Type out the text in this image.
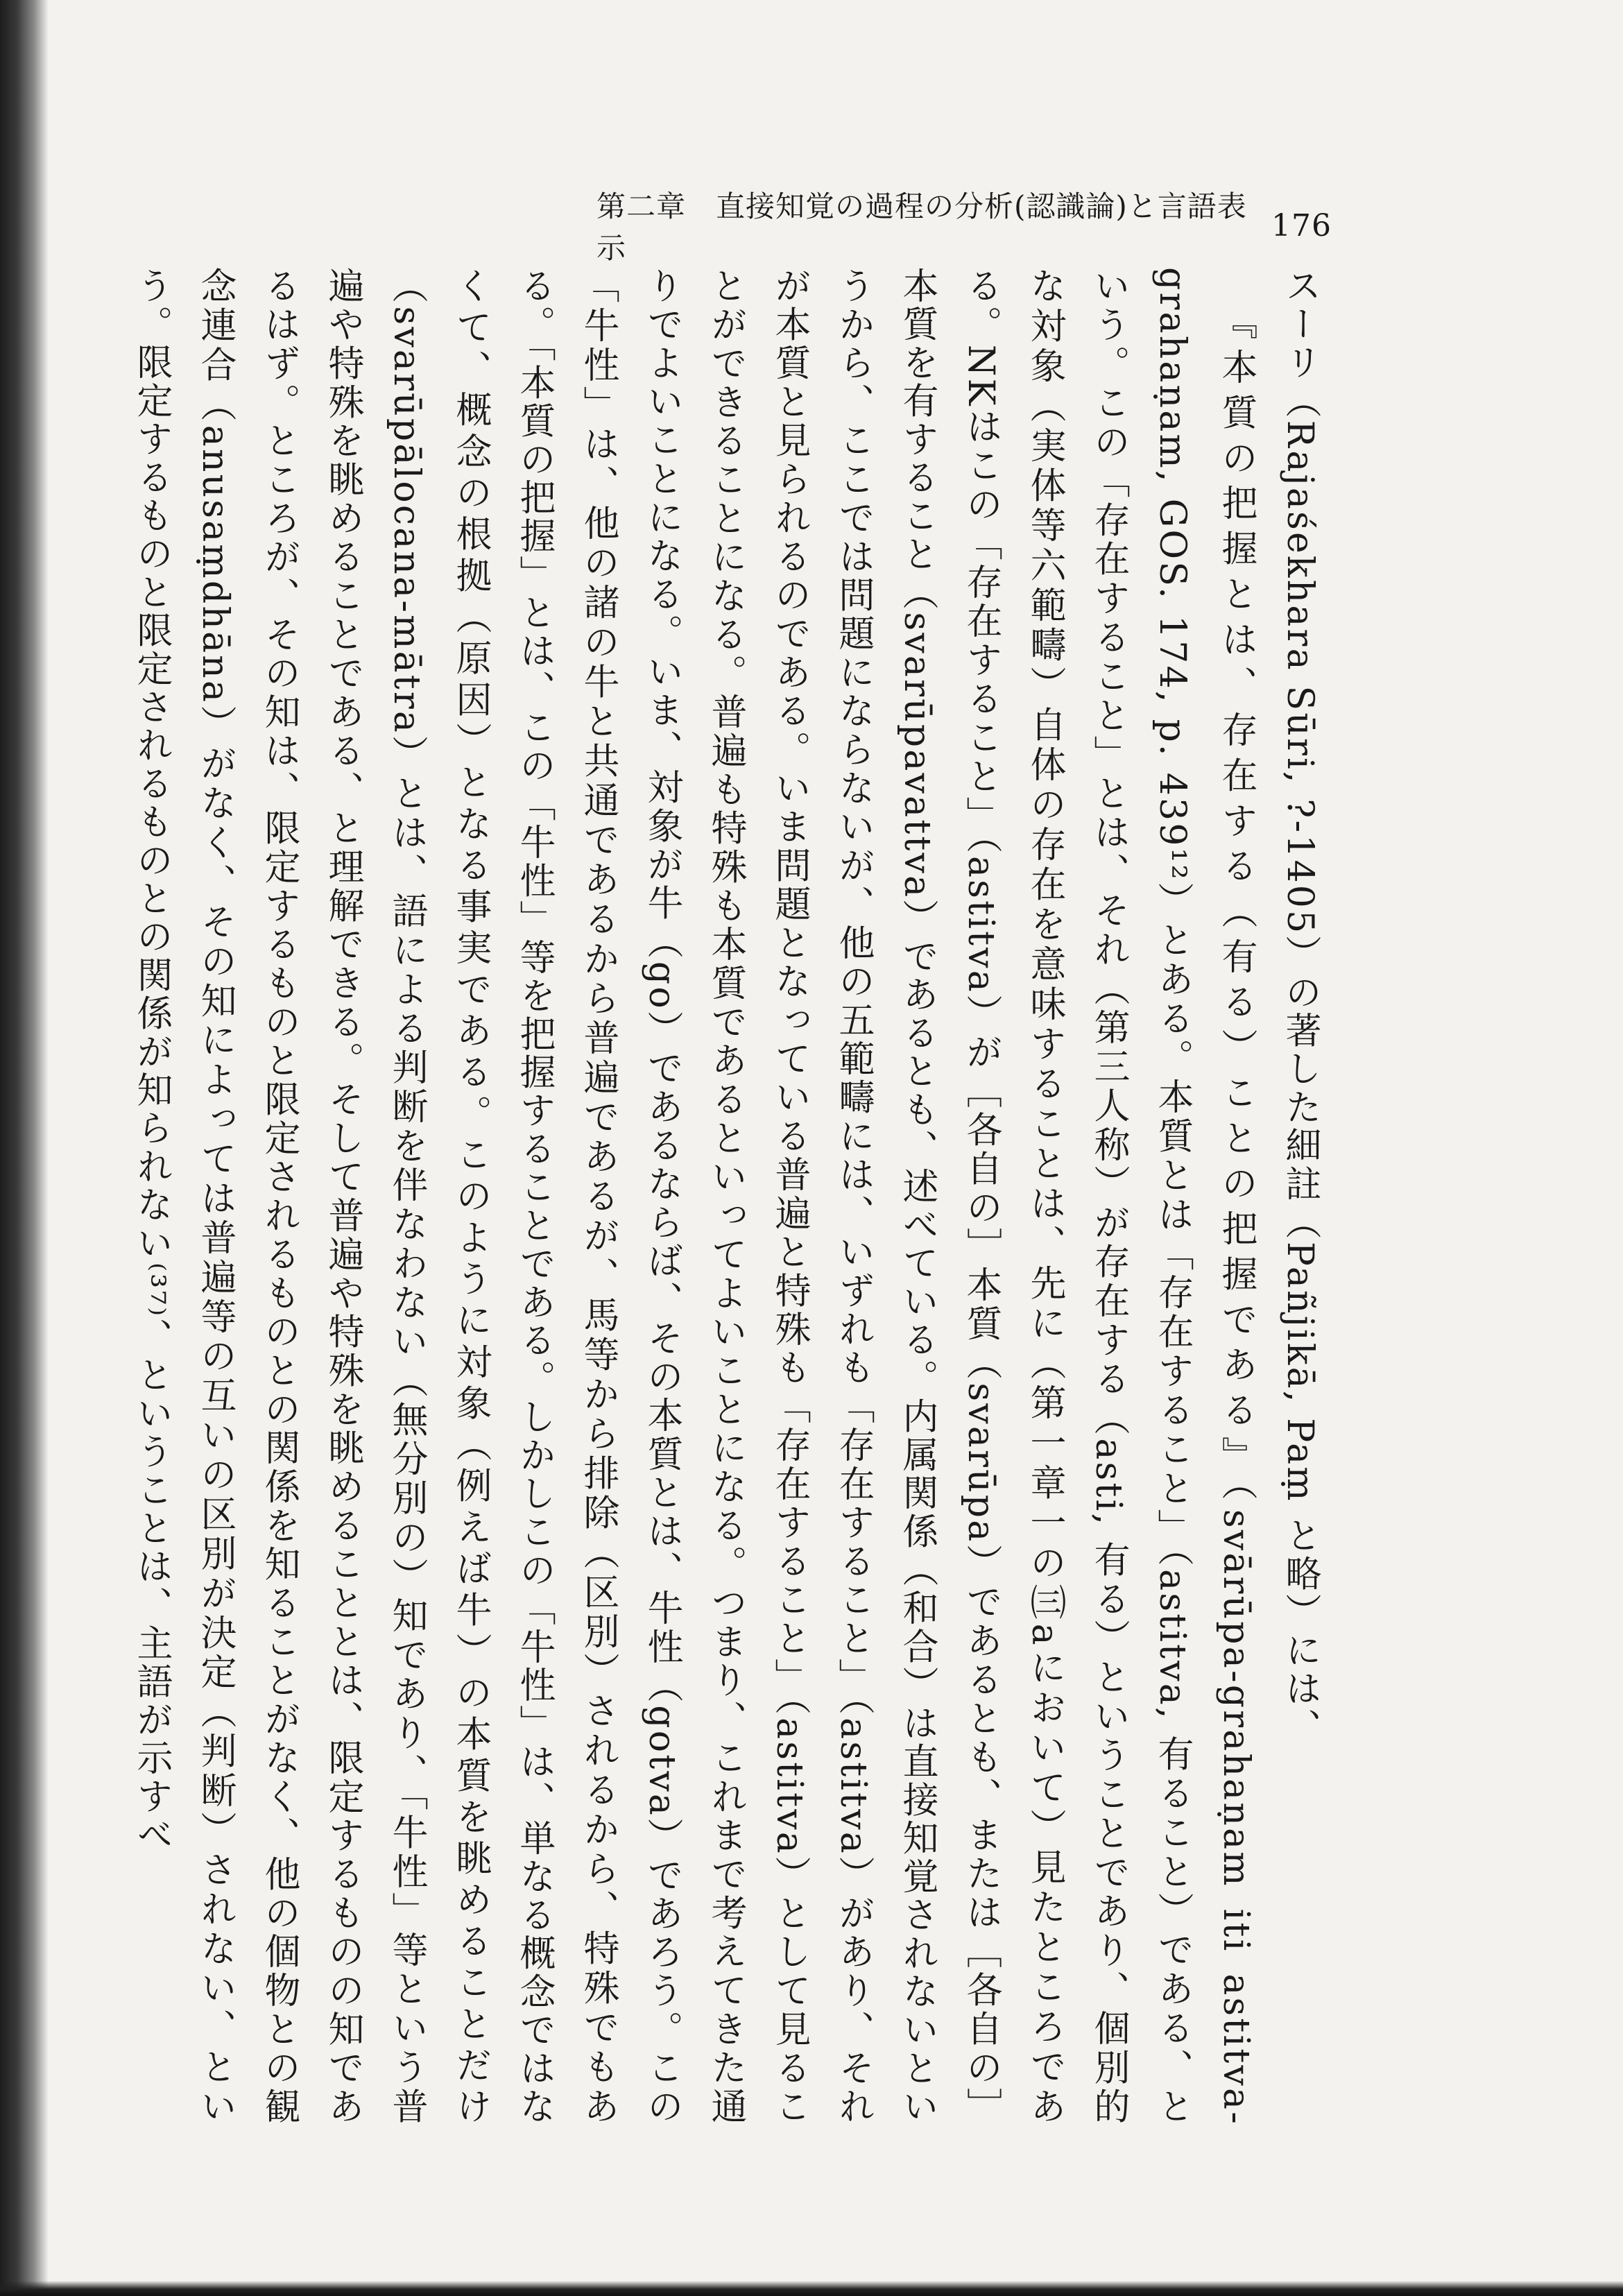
第二章　直接知覚の過程の分析(認識論)と言語表示
176

スーリ（Rajaśekhara Sūri, ?-1405）の著した細註（Pañjikā, Paṃ と略）には、

『本質の把握とは、存在する（有る）ことの把握である』（svārūpa-grahaṇam iti astitva-grahaṇam, GOS. 174, p. 439¹²）とある。本質とは「存在すること」（astitva, 有ること）である、という。この「存在すること」とは、それ（第三人称）が存在する（asti, 有る）ということであり、個別的な対象（実体等六範疇）自体の存在を意味することは、先に（第一章一の㈢aにおいて）見たところである。NKはこの「存在すること」（astitva）が［各自の］本質（svarūpa）であるとも、または［各自の］本質を有すること（svarūpavattva）であるとも、述べている。内属関係（和合）は直接知覚されないというから、ここでは問題にならないが、他の五範疇には、いずれも「存在すること」（astitva）があり、それが本質と見られるのである。いま問題となっている普遍と特殊も「存在すること」（astitva）として見ることができることになる。普遍も特殊も本質であるといってよいことになる。つまり、これまで考えてきた通りでよいことになる。いま、対象が牛（go）であるならば、その本質とは、牛性（gotva）であろう。この「牛性」は、他の諸の牛と共通であるから普遍であるが、馬等から排除（区別）されるから、特殊でもある。「本質の把握」とは、この「牛性」等を把握することである。しかしこの「牛性」は、単なる概念ではなくて、概念の根拠（原因）となる事実である。このように対象（例えば牛）の本質を眺めることだけ（svarūpālocana-mātra）とは、語による判断を伴なわない（無分別の）知であり、「牛性」等という普遍や特殊を眺めることである、と理解できる。そして普遍や特殊を眺めることとは、限定するものの知であるはず。ところが、その知は、限定するものと限定されるものとの関係を知ることがなく、他の個物との観念連合（anusaṃdhāna）がなく、その知によっては普遍等の互いの区別が決定（判断）されない、という。限定するものと限定されるものとの関係が知られない⁽³⁷⁾、ということは、主語が示すべ
